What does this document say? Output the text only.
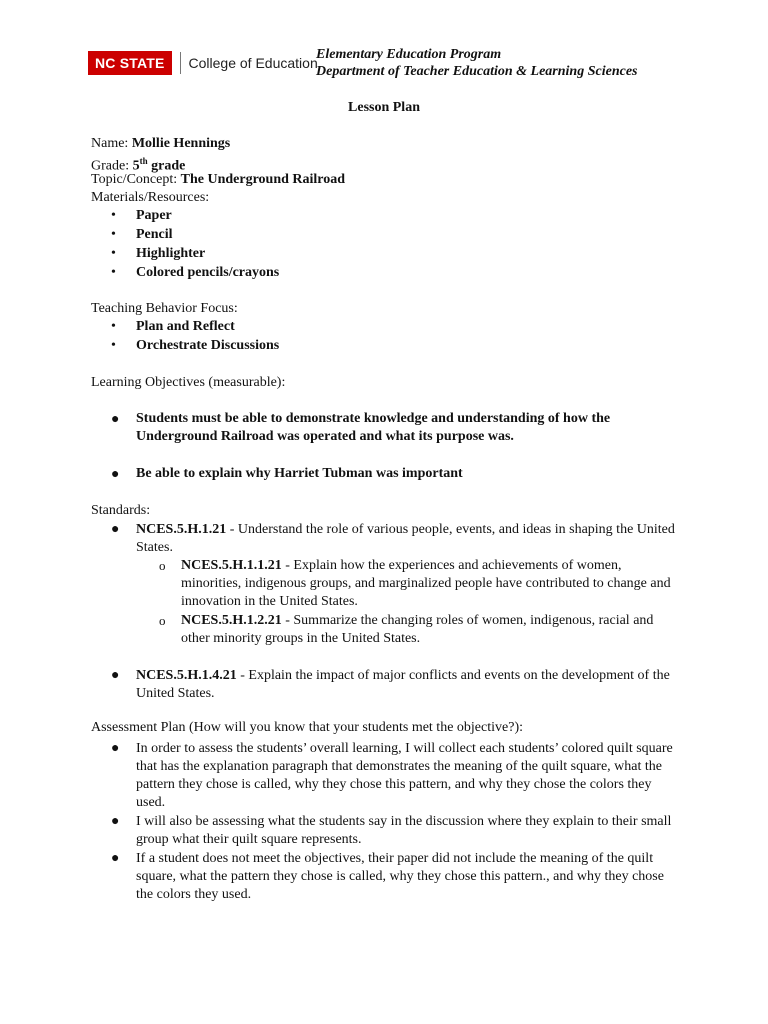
NC STATE	College of Education
Elementary Education Program
Department of Teacher Education & Learning Sciences
Lesson Plan
Name: Mollie Hennings
Grade: 5th grade
Topic/Concept: The Underground Railroad
Materials/Resources:
• Paper
• Pencil
• Highlighter
• Colored pencils/crayons
Teaching Behavior Focus:
• Plan and Reflect
• Orchestrate Discussions
Learning Objectives (measurable):
● Students must be able to demonstrate knowledge and understanding of how the Underground Railroad was operated and what its purpose was.
● Be able to explain why Harriet Tubman was important
Standards:
● NCES.5.H.1.21 - Understand the role of various people, events, and ideas in shaping the United States.
o NCES.5.H.1.1.21 - Explain how the experiences and achievements of women, minorities, indigenous groups, and marginalized people have contributed to change and innovation in the United States.
o NCES.5.H.1.2.21 - Summarize the changing roles of women, indigenous, racial and other minority groups in the United States.
● NCES.5.H.1.4.21 - Explain the impact of major conflicts and events on the development of the United States.
Assessment Plan (How will you know that your students met the objective?):
● In order to assess the students’ overall learning, I will collect each students’ colored quilt square that has the explanation paragraph that demonstrates the meaning of the quilt square, what the pattern they chose is called, why they chose this pattern, and why they chose the colors they used.
● I will also be assessing what the students say in the discussion where they explain to their small group what their quilt square represents.
● If a student does not meet the objectives, their paper did not include the meaning of the quilt square, what the pattern they chose is called, why they chose this pattern., and why they chose the colors they used.
